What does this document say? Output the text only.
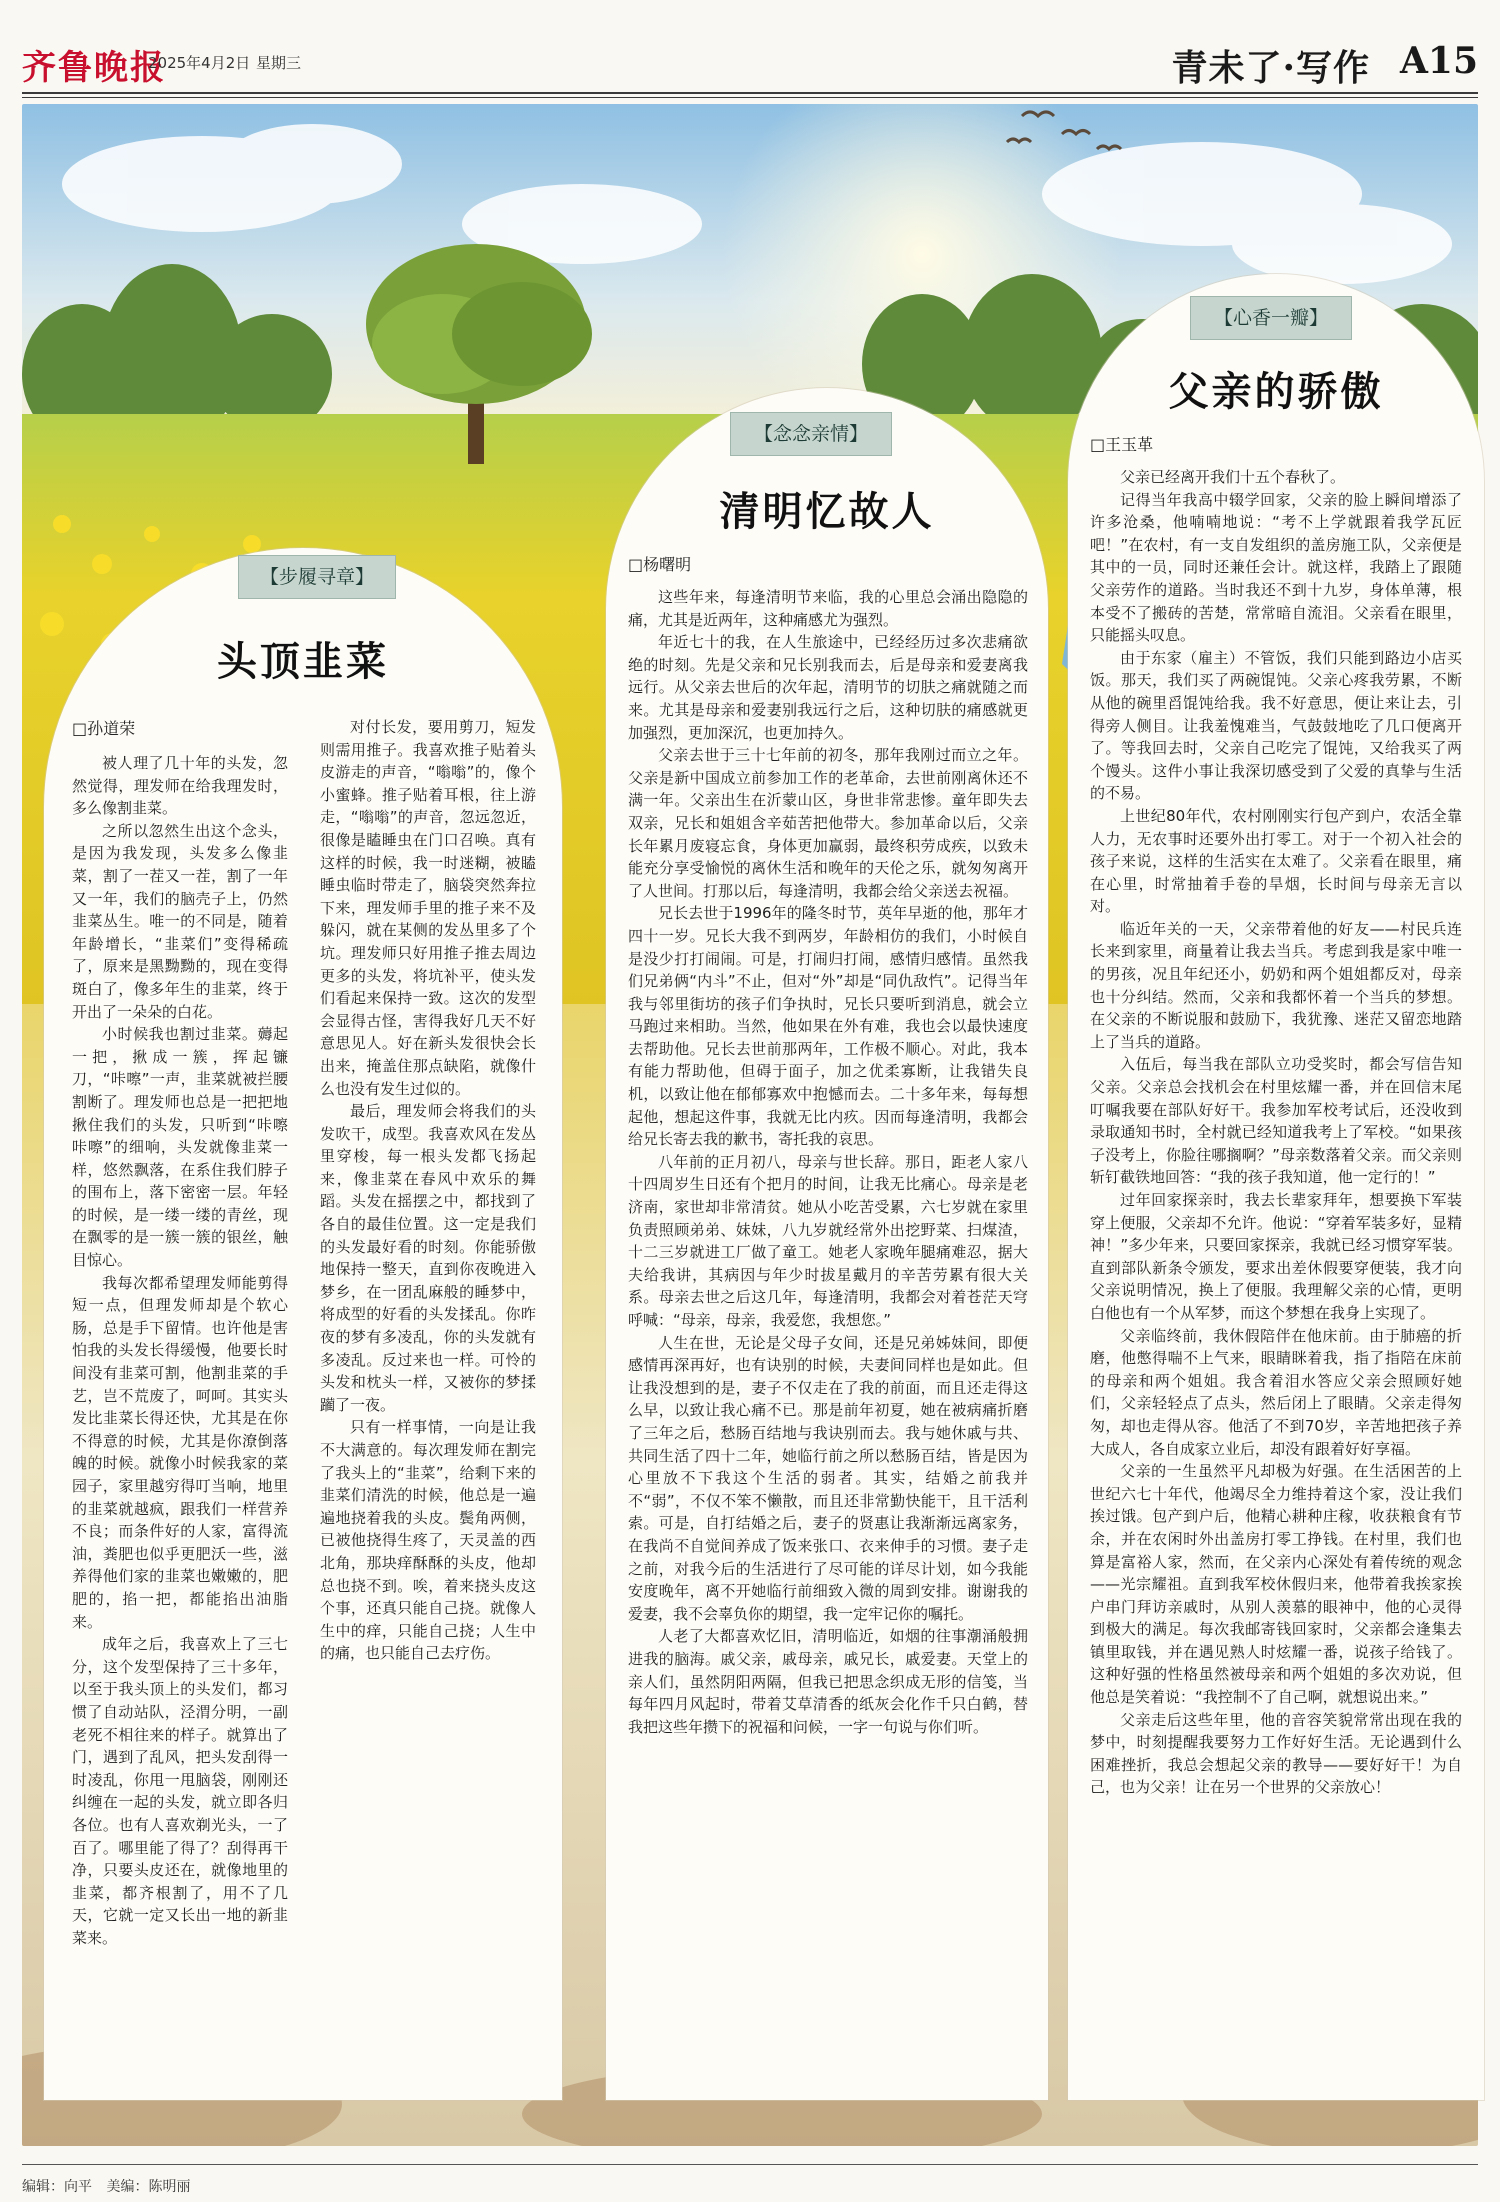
齐鲁晚报
2025年4月2日 星期三	青未了·写作 A15
【步履寻章】
头顶韭菜
□孙道荣

被人理了几十年的头发，忽然觉得，理发师在给我理发时，多么像割韭菜。

之所以忽然生出这个念头，是因为我发现，头发多么像韭菜，割了一茬又一茬，割了一年又一年，我们的脑壳子上，仍然韭菜丛生。唯一的不同是，随着年龄增长，“韭菜们”变得稀疏了，原来是黑黝黝的，现在变得斑白了，像多年生的韭菜，终于开出了一朵朵的白花。

小时候我也割过韭菜。薅起一把，揪成一簇，挥起镰刀，“咔嚓”一声，韭菜就被拦腰割断了。理发师也总是一把把地揪住我们的头发，只听到“咔嚓咔嚓”的细响，头发就像韭菜一样，悠然飘落，在系住我们脖子的围布上，落下密密一层。年轻的时候，是一缕一缕的青丝，现在飘零的是一簇一簇的银丝，触目惊心。

我每次都希望理发师能剪得短一点，但理发师却是个软心肠，总是手下留情。也许他是害怕我的头发长得缓慢，他要长时间没有韭菜可割，他割韭菜的手艺，岂不荒废了，呵呵。其实头发比韭菜长得还快，尤其是在你不得意的时候，尤其是你潦倒落魄的时候。就像小时候我家的菜园子，家里越穷得叮当响，地里的韭菜就越疯，跟我们一样营养不良；而条件好的人家，富得流油，粪肥也似乎更肥沃一些，滋养得他们家的韭菜也嫩嫩的，肥肥的，掐一把，都能掐出油脂来。

成年之后，我喜欢上了三七分，这个发型保持了三十多年，以至于我头顶上的头发们，都习惯了自动站队，泾渭分明，一副老死不相往来的样子。就算出了门，遇到了乱风，把头发刮得一时凌乱，你甩一甩脑袋，刚刚还纠缠在一起的头发，就立即各归各位。也有人喜欢剃光头，一了百了。哪里能了得了？刮得再干净，只要头皮还在，就像地里的韭菜，都齐根割了，用不了几天，它就一定又长出一地的新韭菜来。

对付长发，要用剪刀，短发则需用推子。我喜欢推子贴着头皮游走的声音，“嗡嗡”的，像个小蜜蜂。推子贴着耳根，往上游走，“嗡嗡”的声音，忽远忽近，很像是瞌睡虫在门口召唤。真有这样的时候，我一时迷糊，被瞌睡虫临时带走了，脑袋突然奔拉下来，理发师手里的推子来不及躲闪，就在某侧的发丛里多了个坑。理发师只好用推子推去周边更多的头发，将坑补平，使头发们看起来保持一致。这次的发型会显得古怪，害得我好几天不好意思见人。好在新头发很快会长出来，掩盖住那点缺陷，就像什么也没有发生过似的。

最后，理发师会将我们的头发吹干，成型。我喜欢风在发丛里穿梭，每一根头发都飞扬起来，像韭菜在春风中欢乐的舞蹈。头发在摇摆之中，都找到了各自的最佳位置。这一定是我们的头发最好看的时刻。你能骄傲地保持一整天，直到你夜晚进入梦乡，在一团乱麻般的睡梦中，将成型的好看的头发揉乱。你昨夜的梦有多凌乱，你的头发就有多凌乱。反过来也一样。可怜的头发和枕头一样，又被你的梦揉躏了一夜。

只有一样事情，一向是让我不大满意的。每次理发师在割完了我头上的“韭菜”，给剩下来的韭菜们清洗的时候，他总是一遍遍地挠着我的头皮。鬓角两侧，已被他挠得生疼了，天灵盖的西北角，那块痒酥酥的头皮，他却总也挠不到。唉，着来挠头皮这个事，还真只能自己挠。就像人生中的痒，只能自己挠；人生中的痛，也只能自己去疗伤。

【念念亲情】
清明忆故人
□杨曙明

这些年来，每逢清明节来临，我的心里总会涌出隐隐的痛，尤其是近两年，这种痛感尤为强烈。

年近七十的我，在人生旅途中，已经经历过多次悲痛欲绝的时刻。先是父亲和兄长别我而去，后是母亲和爱妻离我远行。从父亲去世后的次年起，清明节的切肤之痛就随之而来。尤其是母亲和爱妻别我远行之后，这种切肤的痛感就更加强烈，更加深沉，也更加持久。

父亲去世于三十七年前的初冬，那年我刚过而立之年。父亲是新中国成立前参加工作的老革命，去世前刚离休还不满一年。父亲出生在沂蒙山区，身世非常悲惨。童年即失去双亲，兄长和姐姐含辛茹苦把他带大。参加革命以后，父亲长年累月废寝忘食，身体更加赢弱，最终积劳成疾，以致未能充分享受愉悦的离休生活和晚年的天伦之乐，就匆匆离开了人世间。打那以后，每逢清明，我都会给父亲送去祝福。

兄长去世于1996年的隆冬时节，英年早逝的他，那年才四十一岁。兄长大我不到两岁，年龄相仿的我们，小时候自是没少打打闹闹。可是，打闹归打闹，感情归感情。虽然我们兄弟俩“内斗”不止，但对“外”却是“同仇敌忾”。记得当年我与邻里街坊的孩子们争执时，兄长只要听到消息，就会立马跑过来相助。当然，他如果在外有难，我也会以最快速度去帮助他。兄长去世前那两年，工作极不顺心。对此，我本有能力帮助他，但碍于面子，加之优柔寡断，让我错失良机，以致让他在郁郁寡欢中抱憾而去。二十多年来，每每想起他，想起这件事，我就无比内疚。因而每逢清明，我都会给兄长寄去我的歉书，寄托我的哀思。

八年前的正月初八，母亲与世长辞。那日，距老人家八十四周岁生日还有个把月的时间，让我无比痛心。母亲是老济南，家世却非常清贫。她从小吃苦受累，六七岁就在家里负责照顾弟弟、妹妹，八九岁就经常外出挖野菜、扫煤渣，十二三岁就进工厂做了童工。她老人家晚年腿痛难忍，据大夫给我讲，其病因与年少时拔星戴月的辛苦劳累有很大关系。母亲去世之后这几年，每逢清明，我都会对着苍茫天穹呼喊：“母亲，母亲，我爱您，我想您。”

人生在世，无论是父母子女间，还是兄弟姊妹间，即便感情再深再好，也有诀别的时候，夫妻间同样也是如此。但让我没想到的是，妻子不仅走在了我的前面，而且还走得这么早，以致让我心痛不已。那是前年初夏，她在被病痛折磨了三年之后，愁肠百结地与我诀别而去。我与她休戚与共、共同生活了四十二年，她临行前之所以愁肠百结，皆是因为心里放不下我这个生活的弱者。其实，结婚之前我并不“弱”，不仅不笨不懒散，而且还非常勤快能干，且干活利索。可是，自打结婚之后，妻子的贤惠让我渐渐远离家务，在我尚不自觉间养成了饭来张口、衣来伸手的习惯。妻子走之前，对我今后的生活进行了尽可能的详尽计划，如今我能安度晚年，离不开她临行前细致入微的周到安排。谢谢我的爱妻，我不会辜负你的期望，我一定牢记你的嘱托。

人老了大都喜欢忆旧，清明临近，如烟的往事潮涌般拥进我的脑海。戚父亲，戚母亲，戚兄长，戚爱妻。天堂上的亲人们，虽然阴阳两隔，但我已把思念织成无形的信笺，当每年四月风起时，带着艾草清香的纸灰会化作千只白鹤，替我把这些年攒下的祝福和问候，一字一句说与你们听。

【心香一瓣】
父亲的骄傲
□王玉革

父亲已经离开我们十五个春秋了。

记得当年我高中辍学回家，父亲的脸上瞬间增添了许多沧桑，他喃喃地说：“考不上学就跟着我学瓦匠吧！”在农村，有一支自发组织的盖房施工队，父亲便是其中的一员，同时还兼任会计。就这样，我踏上了跟随父亲劳作的道路。当时我还不到十九岁，身体单薄，根本受不了搬砖的苦楚，常常暗自流泪。父亲看在眼里，只能摇头叹息。

由于东家（雇主）不管饭，我们只能到路边小店买饭。那天，我们买了两碗馄饨。父亲心疼我劳累，不断从他的碗里舀馄饨给我。我不好意思，便让来让去，引得旁人侧目。让我羞愧难当，气鼓鼓地吃了几口便离开了。等我回去时，父亲自己吃完了馄饨，又给我买了两个馒头。这件小事让我深切感受到了父爱的真挚与生活的不易。

上世纪80年代，农村刚刚实行包产到户，农活全靠人力，无农事时还要外出打零工。对于一个初入社会的孩子来说，这样的生活实在太难了。父亲看在眼里，痛在心里，时常抽着手卷的旱烟，长时间与母亲无言以对。

临近年关的一天，父亲带着他的好友——村民兵连长来到家里，商量着让我去当兵。考虑到我是家中唯一的男孩，况且年纪还小，奶奶和两个姐姐都反对，母亲也十分纠结。然而，父亲和我都怀着一个当兵的梦想。在父亲的不断说服和鼓励下，我犹豫、迷茫又留恋地踏上了当兵的道路。

入伍后，每当我在部队立功受奖时，都会写信告知父亲。父亲总会找机会在村里炫耀一番，并在回信末尾叮嘱我要在部队好好干。我参加军校考试后，还没收到录取通知书时，全村就已经知道我考上了军校。“如果孩子没考上，你脸往哪搁啊？”母亲数落着父亲。而父亲则斩钉截铁地回答：“我的孩子我知道，他一定行的！”

过年回家探亲时，我去长辈家拜年，想要换下军装穿上便服，父亲却不允许。他说：“穿着军装多好，显精神！”多少年来，只要回家探亲，我就已经习惯穿军装。直到部队新条令颁发，要求出差休假要穿便装，我才向父亲说明情况，换上了便服。我理解父亲的心情，更明白他也有一个从军梦，而这个梦想在我身上实现了。

父亲临终前，我休假陪伴在他床前。由于肺癌的折磨，他憋得喘不上气来，眼睛眯着我，指了指陪在床前的母亲和两个姐姐。我含着泪水答应父亲会照顾好她们，父亲轻轻点了点头，然后闭上了眼睛。父亲走得匆匆，却也走得从容。他活了不到70岁，辛苦地把孩子养大成人，各自成家立业后，却没有跟着好好享福。

父亲的一生虽然平凡却极为好强。在生活困苦的上世纪六七十年代，他竭尽全力维持着这个家，没让我们挨过饿。包产到户后，他精心耕种庄稼，收获粮食有节余，并在农闲时外出盖房打零工挣钱。在村里，我们也算是富裕人家，然而，在父亲内心深处有着传统的观念——光宗耀祖。直到我军校休假归来，他带着我挨家挨户串门拜访亲戚时，从别人羡慕的眼神中，他的心灵得到极大的满足。每次我邮寄钱回家时，父亲都会逢集去镇里取钱，并在遇见熟人时炫耀一番，说孩子给钱了。这种好强的性格虽然被母亲和两个姐姐的多次劝说，但他总是笑着说：“我控制不了自己啊，就想说出来。”

父亲走后这些年里，他的音容笑貌常常出现在我的梦中，时刻提醒我要努力工作好好生活。无论遇到什么困难挫折，我总会想起父亲的教导——要好好干！为自己，也为父亲！让在另一个世界的父亲放心！

编辑：向平 美编：陈明丽
